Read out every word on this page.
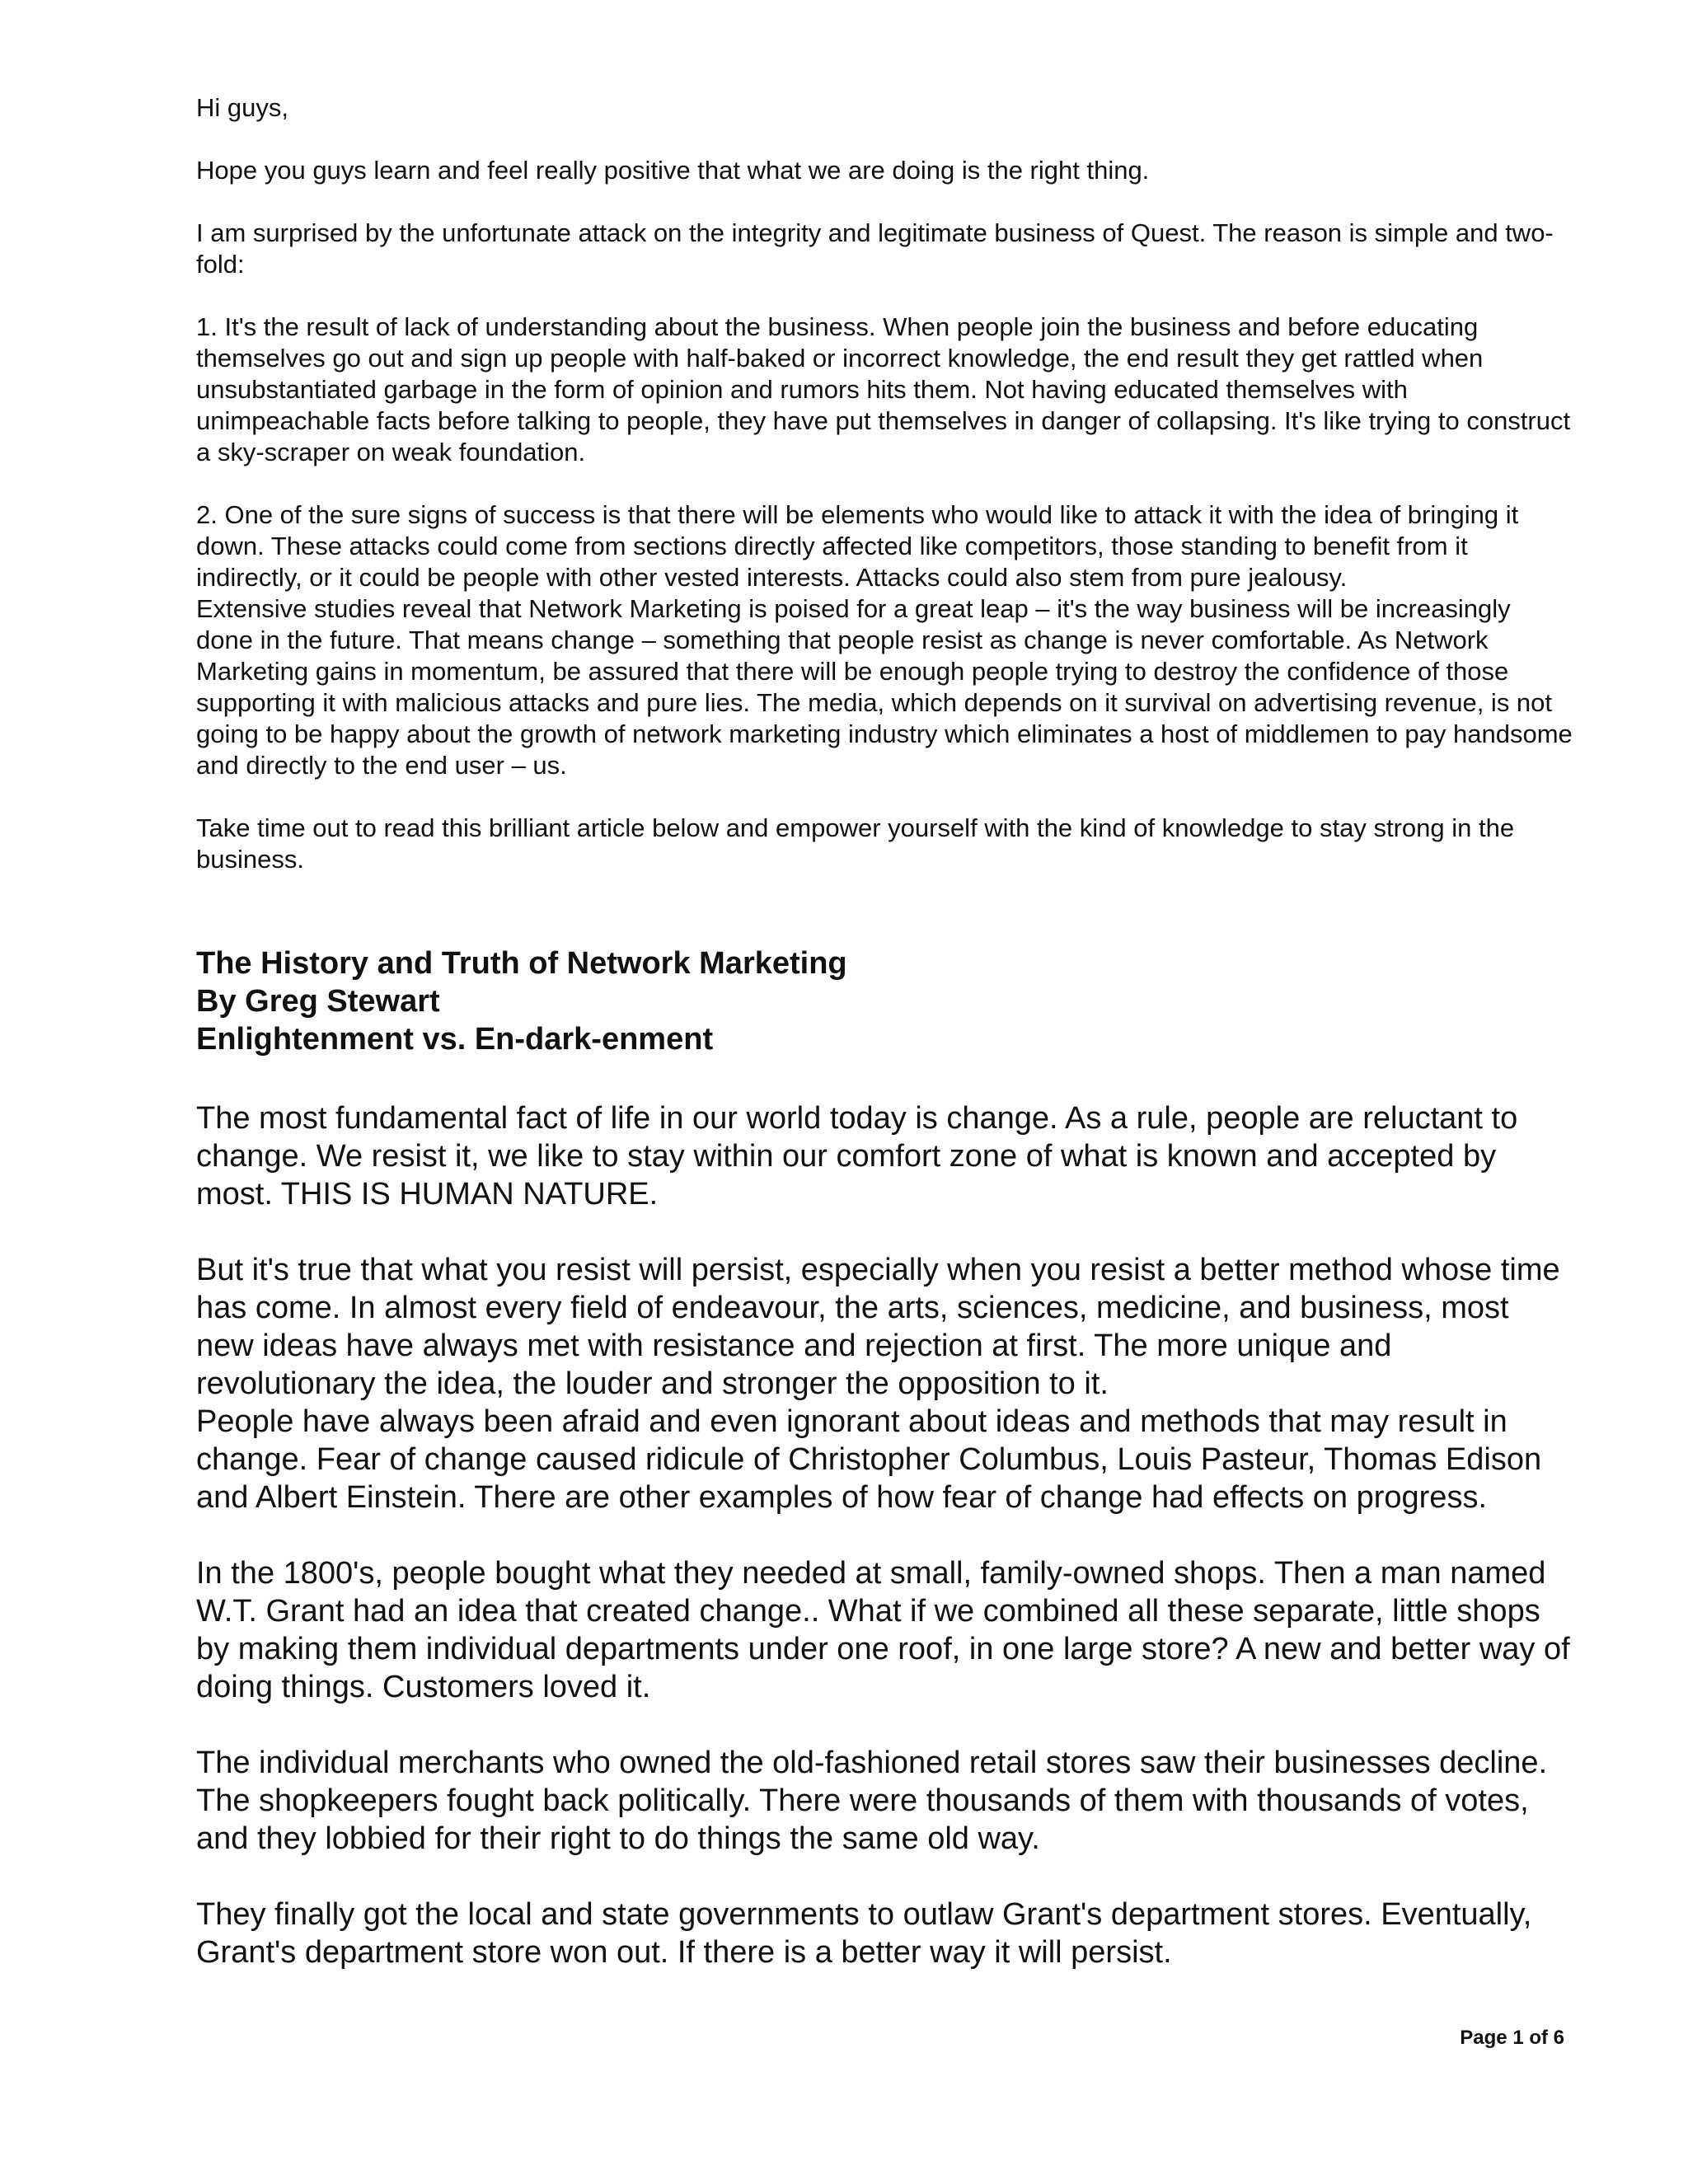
Hi guys,

Hope you guys learn and feel really positive that what we are doing is the right thing.

I am surprised by the unfortunate attack on the integrity and legitimate business of Quest. The reason is simple and two-fold:

1. It's the result of lack of understanding about the business. When people join the business and before educating themselves go out and sign up people with half-baked or incorrect knowledge, the end result they get rattled when unsubstantiated garbage in the form of opinion and rumors hits them. Not having educated themselves with unimpeachable facts before talking to people, they have put themselves in danger of collapsing. It's like trying to construct a sky-scraper on weak foundation.

2. One of the sure signs of success is that there will be elements who would like to attack it with the idea of bringing it down. These attacks could come from sections directly affected like competitors, those standing to benefit from it indirectly, or it could be people with other vested interests. Attacks could also stem from pure jealousy.

Extensive studies reveal that Network Marketing is poised for a great leap – it's the way business will be increasingly done in the future. That means change – something that people resist as change is never comfortable. As Network Marketing gains in momentum, be assured that there will be enough people trying to destroy the confidence of those supporting it with malicious attacks and pure lies. The media, which depends on it survival on advertising revenue, is not going to be happy about the growth of network marketing industry which eliminates a host of middlemen to pay handsome and directly to the end user – us.

Take time out to read this brilliant article below and empower yourself with the kind of knowledge to stay strong in the business.

The History and Truth of Network Marketing
By Greg Stewart
Enlightenment vs. En-dark-enment

The most fundamental fact of life in our world today is change. As a rule, people are reluctant to change. We resist it, we like to stay within our comfort zone of what is known and accepted by most. THIS IS HUMAN NATURE.

But it's true that what you resist will persist, especially when you resist a better method whose time has come. In almost every field of endeavour, the arts, sciences, medicine, and business, most new ideas have always met with resistance and rejection at first. The more unique and revolutionary the idea, the louder and stronger the opposition to it.

People have always been afraid and even ignorant about ideas and methods that may result in change. Fear of change caused ridicule of Christopher Columbus, Louis Pasteur, Thomas Edison and Albert Einstein. There are other examples of how fear of change had effects on progress.

In the 1800's, people bought what they needed at small, family-owned shops. Then a man named W.T. Grant had an idea that created change.. What if we combined all these separate, little shops by making them individual departments under one roof, in one large store? A new and better way of doing things. Customers loved it.

The individual merchants who owned the old-fashioned retail stores saw their businesses decline. The shopkeepers fought back politically. There were thousands of them with thousands of votes, and they lobbied for their right to do things the same old way.

They finally got the local and state governments to outlaw Grant's department stores. Eventually, Grant's department store won out. If there is a better way it will persist.

Page 1 of 6
